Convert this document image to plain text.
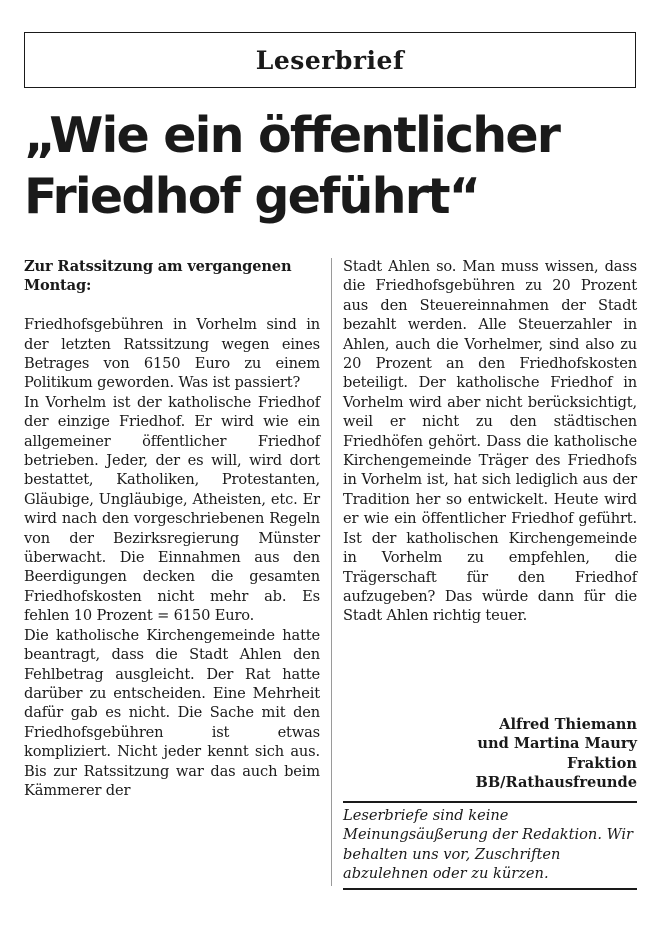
Leserbrief
„Wie ein öffentlicher
Friedhof geführt“

Zur Ratssitzung am vergangenen Montag:

Friedhofsgebühren in Vorhelm sind in der letzten Ratssitzung wegen eines Betrages von 6150 Euro zu einem Politikum geworden. Was ist passiert?

In Vorhelm ist der katholische Friedhof der einzige Friedhof. Er wird wie ein allgemeiner öffentlicher Friedhof betrieben. Jeder, der es will, wird dort bestattet, Katholiken, Protestanten, Gläubige, Ungläubige, Atheisten, etc. Er wird nach den vorgeschriebenen Regeln von der Bezirksregierung Münster überwacht. Die Einnahmen aus den Beerdigungen decken die gesamten Friedhofskosten nicht mehr ab. Es fehlen 10 Prozent = 6150 Euro.

Die katholische Kirchengemeinde hatte beantragt, dass die Stadt Ahlen den Fehlbetrag ausgleicht. Der Rat hatte darüber zu entscheiden. Eine Mehrheit dafür gab es nicht. Die Sache mit den Friedhofsgebühren ist etwas kompliziert. Nicht jeder kennt sich aus. Bis zur Ratssitzung war das auch beim Kämmerer der

Stadt Ahlen so. Man muss wissen, dass die Friedhofsgebühren zu 20 Prozent aus den Steuereinnahmen der Stadt bezahlt werden. Alle Steuerzahler in Ahlen, auch die Vorhelmer, sind also zu 20 Prozent an den Friedhofskosten beteiligt. Der katholische Friedhof in Vorhelm wird aber nicht berücksichtigt, weil er nicht zu den städtischen Friedhöfen gehört. Dass die katholische Kirchengemeinde Träger des Friedhofs in Vorhelm ist, hat sich lediglich aus der Tradition her so entwickelt. Heute wird er wie ein öffentlicher Friedhof geführt. Ist der katholischen Kirchengemeinde in Vorhelm zu empfehlen, die Trägerschaft für den Friedhof aufzugeben? Das würde dann für die Stadt Ahlen richtig teuer.

Alfred Thiemann
und Martina Maury
Fraktion
BB/Rathausfreunde
Leserbriefe sind keine Meinungsäußerung der Redaktion. Wir behalten uns vor, Zuschriften abzulehnen oder zu kürzen.
